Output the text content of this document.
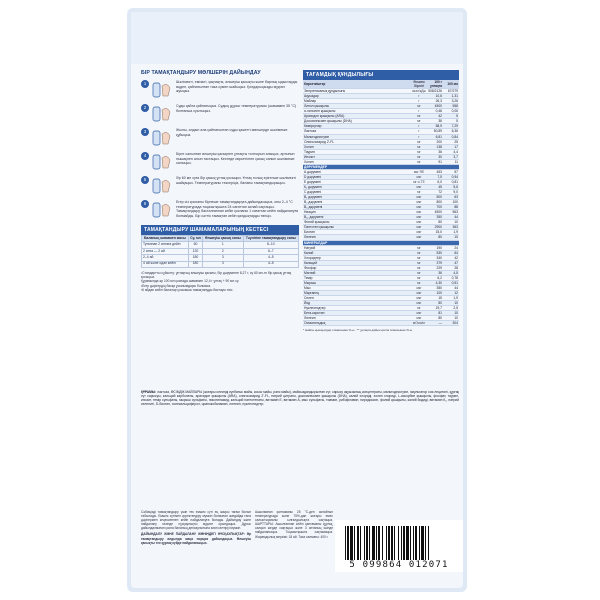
БІР ТАМАҚТАНДЫРУ МӨЛШЕРІН ДАЙЫНДАУ
1	Шәлімекті, емізікті, қақпақты, өлшеуіш қасықты және барлық ыдыстарды өңдеп, қайнатылған таза сумен шайыңыз. Қолдарыңызды мұқият жуыңыз.
2	Суды қайта қайнатыңыз. Судың дұрыс температурасы (шамамен 35 °С) болғанша суытыңыз.
3	Жылы, алдын ала қайнатылған суды қажетті мөлшерде шәлімекке құйыңыз.
4	Бірге салынған өлшеуіш қасықпен ұнтақты толтырып алыңыз, артығын пышақпен алып тастаңыз. Кестеде көрсетілген қасық санын шәлімекке салыңыз.
5	Әр 60 мл суға бір қасық ұнтақ қосыңыз. Ұнтақ толық ерігенше шәлімекті шайқаңыз. Температураны тексеріңіз, баланы тамақтандырыңыз.
6	Егер сіз қоспаны бірнеше тамақтандыруға дайындасаңыз, оны 2–4 °С температурада тоңазытқышта 24 сағаттан аспай сақтаңыз. Тамақтандыру басталғаннан кейін қоспаны 1 сағаттан кейін пайдалануға болмайды. Бір сәттік тамақтан кейін қалдықтарды төгіңіз.
ТАМАҚТАНДЫРУ ШАМАМАЛАРЫНЫҢ КЕСТЕСІ
Баланың шамамен жасы	Су, мл	Өлшеуіш қасық саны	Тәулігіне тамақтандыру саны
Туғаннан 2 аптаға дейін	60	1	8–10
2 апта — 2 ай	120	2	6–7
2–4 ай	180	3	4–5
4 ай және одан кейін	180	3	4–5
¹Стандартты сұйылту: ұнтақтың өлшеуіш қасығы, бір дәруменге 8,27 г, су 60 мл-ге бір қасық ұнтақ қосыңыз.
Құрамында әр 100 мл қоспада шамамен 12,4 г ұнтақ + 90 мл су.
²Егер дәрігердің басқа ұсынымдары болмаса.
³6 айдан кейін балалар қосымша тамақтануды бастауы тиіс.
ТАҒАМДЫҚ ҚҰНДЫЛЫҒЫ
Көрсеткіштер	Өлшем бірлігі	100 г ұнтақта	100 мл
Энергетикалық құндылығы	ккал/кДж	508/2126	67/279
Ақуыздар	г	10,6	1,31
Майлар	г	26,3	3,26
Линол қышқылы	мг	4500	558
α-линолен қышқылы	г	0,48	0,06
Арахидон қышқылы (ARA)	мг	42	5
Докозагексаен қышқылы (DHA)	мг	38	5
Көмірсулар	г	58,9	7,29
Лактоза	г	50,89	6,36
Мальтодекстрин	г	6,81	0,84
Олигосахарид 2'-FL	мг	200	25
Холин	мг	138	17
Таурин	мг	36	4,4
Инозит	мг	30	3,7
Холин	мг	91	11
ДӘРУМЕНДЕР			
А дәрумені	мкг RE	453	57
D дәрумені	мкг	7,5	0,94
Е дәрумені	мг α-TE	6,0	0,81
К₁ дәрумені	мкг	45	5,6
С дәрумені	мг	72	9,0
B₁ дәрумені	мкг	500	63
B₂ дәрумені	мкг	800	100
B₆ дәрумені	мкг	700	88
Ниацин	мкг	4500	563
B₁₂ дәрумені	мкг	350	44
Фолий қышқылы	мкг	80	10
Пантотен қышқылы	мкг	2900	363
Биотин	мкг	15,0	1,9
Лютеин	мкг	80	10
МИНЕРАЛДАР			
Натрий	мг	190	24
Калий	мг	530	64
Хлоридтер	мг	340	42
Кальций	мг	379	47
Фосфор	мг	229	28
Магний	мг	36	4,5
Темір	мг	6,2	0,78
Мырыш	мг	4,30	0,51
Мыс	мкг	350	44
Марганец	мкг	100	12
Селен	мкг	15	1,9
Йод	мкг	80	10
Нуклеотидтер	мг	19,7	2,5
Бета-каротин	мкг	81	10
Лютеин	мкг	80	10
Осмоляльдық	мОсм/кг	—	304
* майлы қышқылдар сомасынан %-ы · ** ұнтақта дайын қоспа сомасынан %-ы
ҚҰРАМЫ: лактоза, ӨСІМДІК МАЙЛАРЫ (жоғары олеинді күнбағыс майы, кокос майы, рапс майы), майсыздандырылған сүт, сарысу ақуызының концентраты, мальтодекстрин, эмульгатор соя лецитині, құрғақ сүт сарысуы, кальций карбонаты, арахидон қышқылы (ARA), олигосахарид 2'-FL, натрий цитраты, докозагексаен қышқылы (DHA), калий хлориді, холин хлориді, L-аскорбин қышқылы, фосфат, таурин, инозит, темір сульфаты, мырыш сульфаты, никотинамид, кальций пантотенаты, витамин Е, витамин А, мыс сульфаты, тиамин, рибофлавин, пиридоксин, фолий қышқылы, калий йодиді, витамин К₁, натрий селениті, D-биотин, холекальциферол, цианокобаламин, лютеин, нуклеотидтер.
Сәбиіңізді тамақтандыру үшін тек емшек сүті ең жақсы тағам болып табылады. Емшек сүтімен қоректендіру мүмкін болмаған жағдайда ғана дәрігермен кеңескеннен кейін пайдалануға болады. Дайындау және пайдалану кезінде нұсқаулықты мұқият орындаңыз. Дұрыс дайындалмаған қоспа баланың денсаулығына зиян келтіруі мүмкін.
ДАЙЫНДАЛУ ЖӘНЕ ПАЙДАЛАНУ ЖӨНІНДЕГІ НҰСҚАУЛЫҚТАР: Әр тамақтандыру алдында жаңа порция дайындаңыз. Өлшеуіш қасықты тек құрғақ күйде пайдаланыңыз.
Ашылмаған қаптаманы 25 °С-ден аспайтын температурада және 75%-дан жоғары емес салыстырмалы ылғалдылықта сақтаңыз. ШАРТТАРЫ: Ашылғаннан кейін қаптаманы құрғақ, салқын жерде сақтаңыз және 3 аптаның ішінде пайдаланыңыз. Тоңазытқышта сақтамаңыз. Жарамдылық мерзімі: 18 ай. Таза салмағы: 400 г.
5 099864 012071
